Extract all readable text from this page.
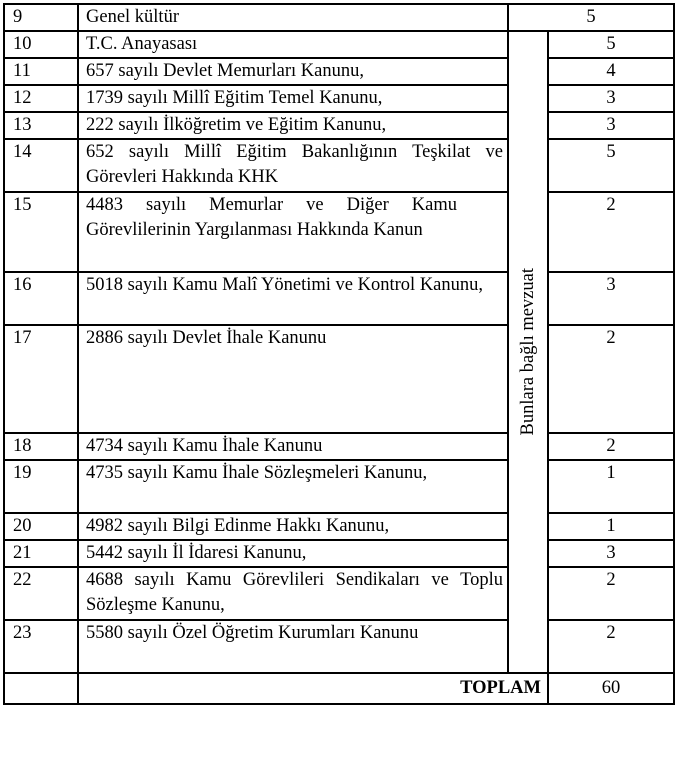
9	Genel kültür	5	
10	T.C. Anayasası	Bunlara bağlı mevzuat	5
11	657 sayılı Devlet Memurları Kanunu,		4
12	1739 sayılı Millî Eğitim Temel Kanunu,		3
13	222 sayılı İlköğretim ve Eğitim Kanunu,		3
14	652 sayılı Millî Eğitim Bakanlığının Teşkilat ve Görevleri Hakkında KHK		5
15	4483 sayılı Memurlar ve Diğer Kamu Görevlilerinin Yargılanması Hakkında Kanun		2
16	5018 sayılı Kamu Malî Yönetimi ve Kontrol Kanunu,		3
17	2886 sayılı Devlet İhale Kanunu		2
18	4734 sayılı Kamu İhale Kanunu		2
19	4735 sayılı Kamu İhale Sözleşmeleri Kanunu,		1
20	4982 sayılı Bilgi Edinme Hakkı Kanunu,		1
21	5442 sayılı İl İdaresi Kanunu,		3
22	4688 sayılı Kamu Görevlileri Sendikaları ve Toplu Sözleşme Kanunu,		2
23	5580 sayılı Özel Öğretim Kurumları Kanunu		2
	TOPLAM		60
